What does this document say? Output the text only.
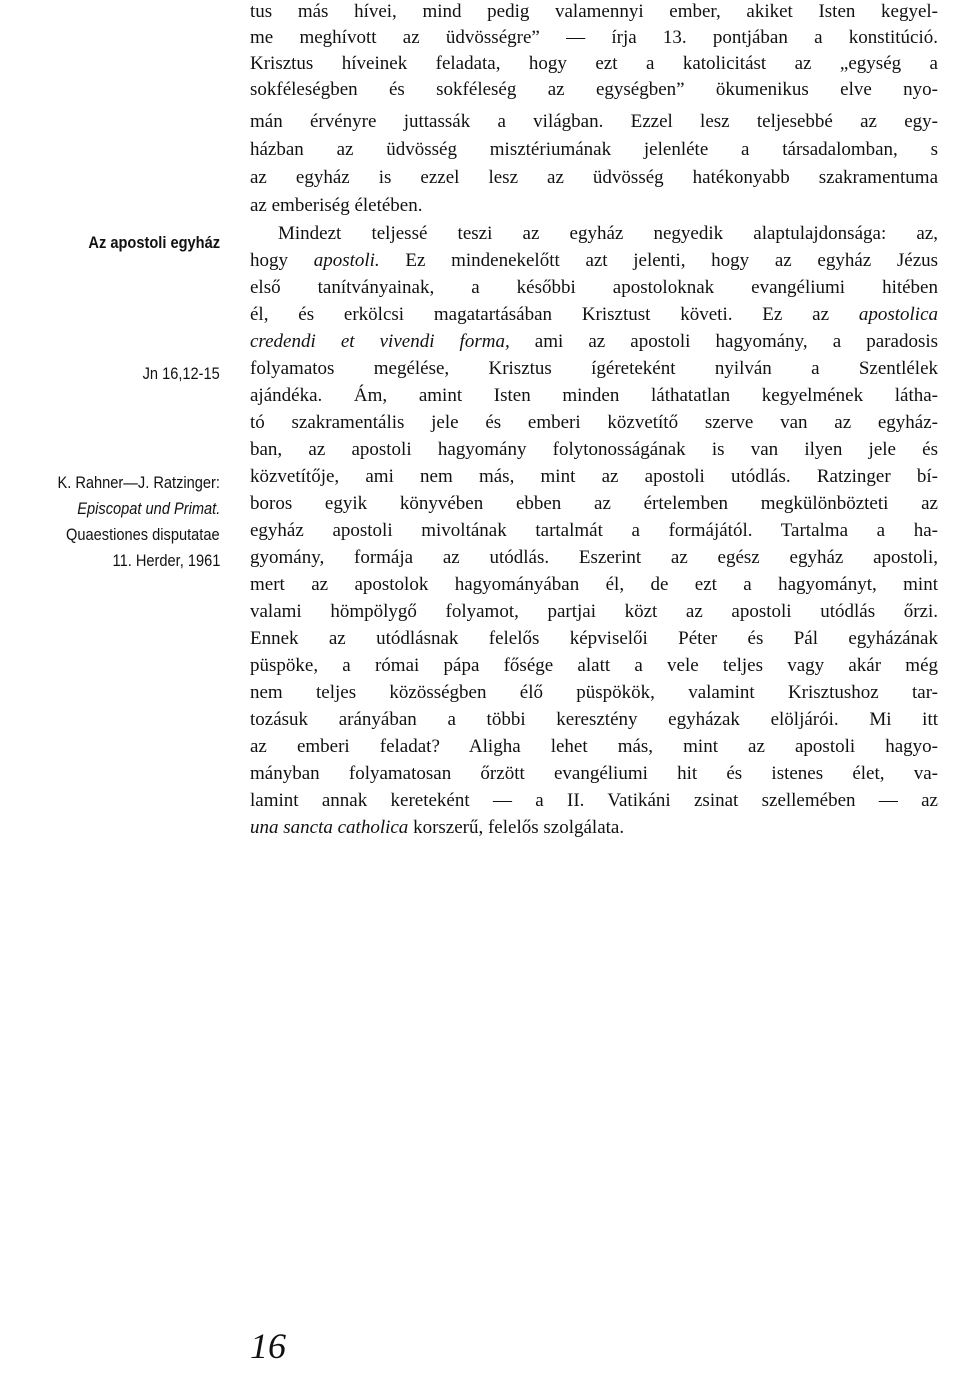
Az apostoli egyház
Jn 16,12-15
K. Rahner—J. Ratzinger:
Episcopat und Primat.
Quaestiones disputatae
11. Herder, 1961
tus más hívei, mind pedig valamennyi ember, akiket Isten kegyel-
me meghívott az üdvösségre” — írja 13. pontjában a konstitúció.
Krisztus híveinek feladata, hogy ezt a katolicitást az „egység a
sokféleségben és sokféleség az egységben” ökumenikus elve nyo-
mán érvényre juttassák a világban. Ezzel lesz teljesebbé az egy-
házban az üdvösség misztériumának jelenléte a társadalomban, s
az egyház is ezzel lesz az üdvösség hatékonyabb szakramentuma
az emberiség életében.
Mindezt teljessé teszi az egyház negyedik alaptulajdonsága: az,
hogy apostoli. Ez mindenekelőtt azt jelenti, hogy az egyház Jézus
első tanítványainak, a későbbi apostoloknak evangéliumi hitében
él, és erkölcsi magatartásában Krisztust követi. Ez az apostolica
credendi et vivendi forma, ami az apostoli hagyomány, a paradosis
folyamatos megélése, Krisztus ígéreteként nyilván a Szentlélek
ajándéka. Ám, amint Isten minden láthatatlan kegyelmének látha-
tó szakramentális jele és emberi közvetítő szerve van az egyház-
ban, az apostoli hagyomány folytonosságának is van ilyen jele és
közvetítője, ami nem más, mint az apostoli utódlás. Ratzinger bí-
boros egyik könyvében ebben az értelemben megkülönbözteti az
egyház apostoli mivoltának tartalmát a formájától. Tartalma a ha-
gyomány, formája az utódlás. Eszerint az egész egyház apostoli,
mert az apostolok hagyományában él, de ezt a hagyományt, mint
valami hömpölygő folyamot, partjai közt az apostoli utódlás őrzi.
Ennek az utódlásnak felelős képviselői Péter és Pál egyházának
püspöke, a római pápa fősége alatt a vele teljes vagy akár még
nem teljes közösségben élő püspökök, valamint Krisztushoz tar-
tozásuk arányában a többi keresztény egyházak elöljárói. Mi itt
az emberi feladat? Aligha lehet más, mint az apostoli hagyo-
mányban folyamatosan őrzött evangéliumi hit és istenes élet, va-
lamint annak kereteként — a II. Vatikáni zsinat szellemében — az
una sancta catholica korszerű, felelős szolgálata.
16
